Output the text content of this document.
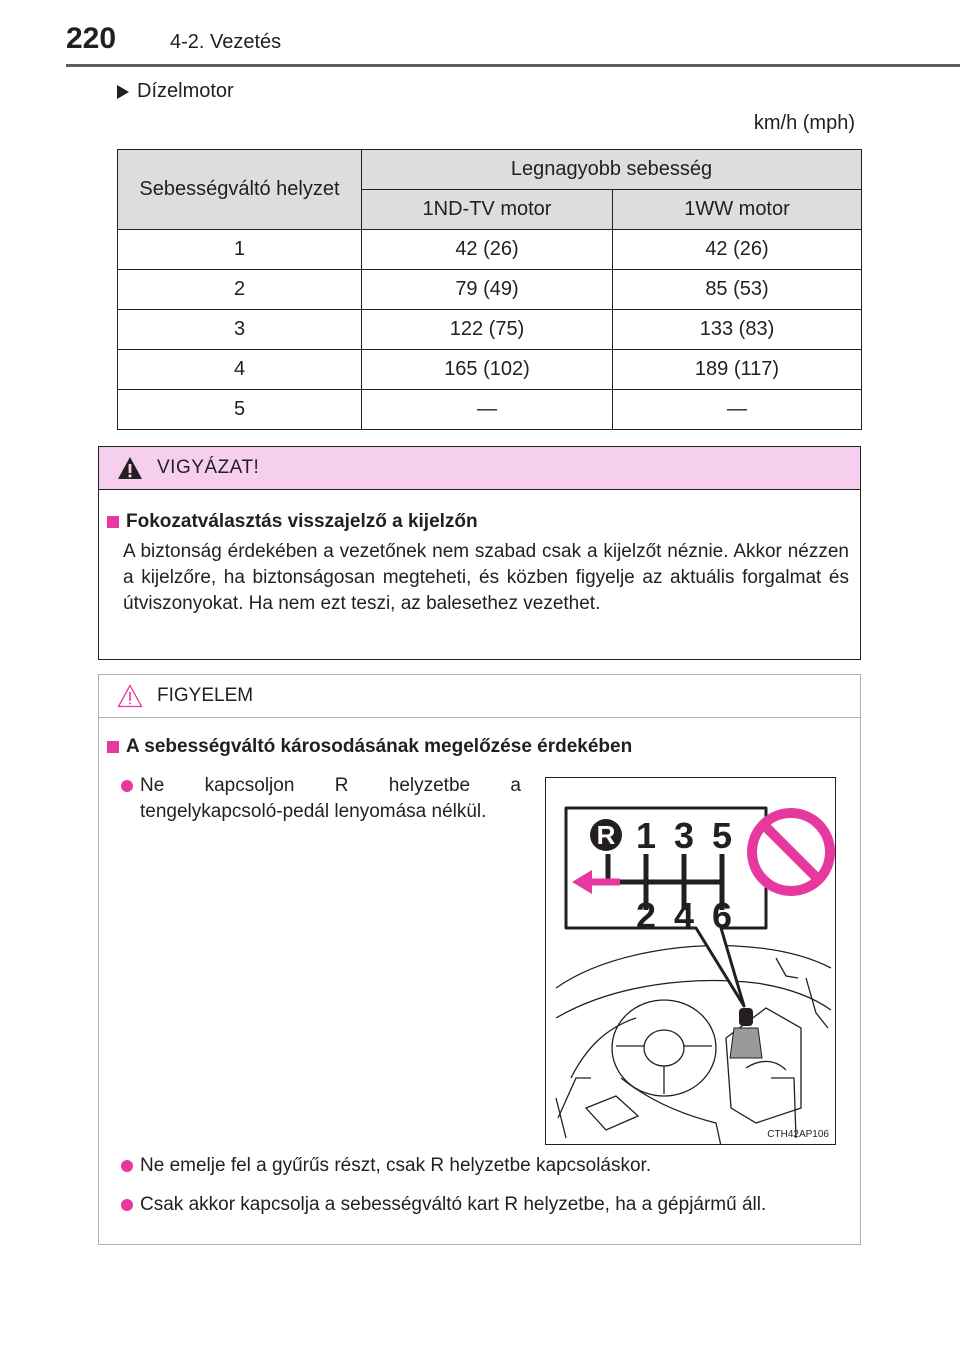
220	4-2. Vezetés
Dízelmotor
km/h (mph)
Sebességváltó helyzet	Legnagyobb sebesség	
	1ND-TV motor	1WW motor
1	42 (26)	42 (26)
2	79 (49)	85 (53)
3	122 (75)	133 (83)
4	165 (102)	189 (117)
5	—	—
VIGYÁZAT!
Fokozatválasztás visszajelző a kijelzőn
A biztonság érdekében a vezetőnek nem szabad csak a kijelzőt néznie. Akkor nézzen a kijelzőre, ha biztonságosan megteheti, és közben figyelje az aktuális forgalmat és útviszonyokat. Ha nem ezt teszi, az balesethez vezethet.
FIGYELEM
A sebességváltó károsodásának megelőzése érdekében
Ne kapcsoljon R helyzetbe a tengelykapcsoló-pedál lenyomása nélkül.
R 1 3 5
2 4 6
CTH42AP106
Ne emelje fel a gyűrűs részt, csak R helyzetbe kapcsoláskor.
Csak akkor kapcsolja a sebességváltó kart R helyzetbe, ha a gépjármű áll.
